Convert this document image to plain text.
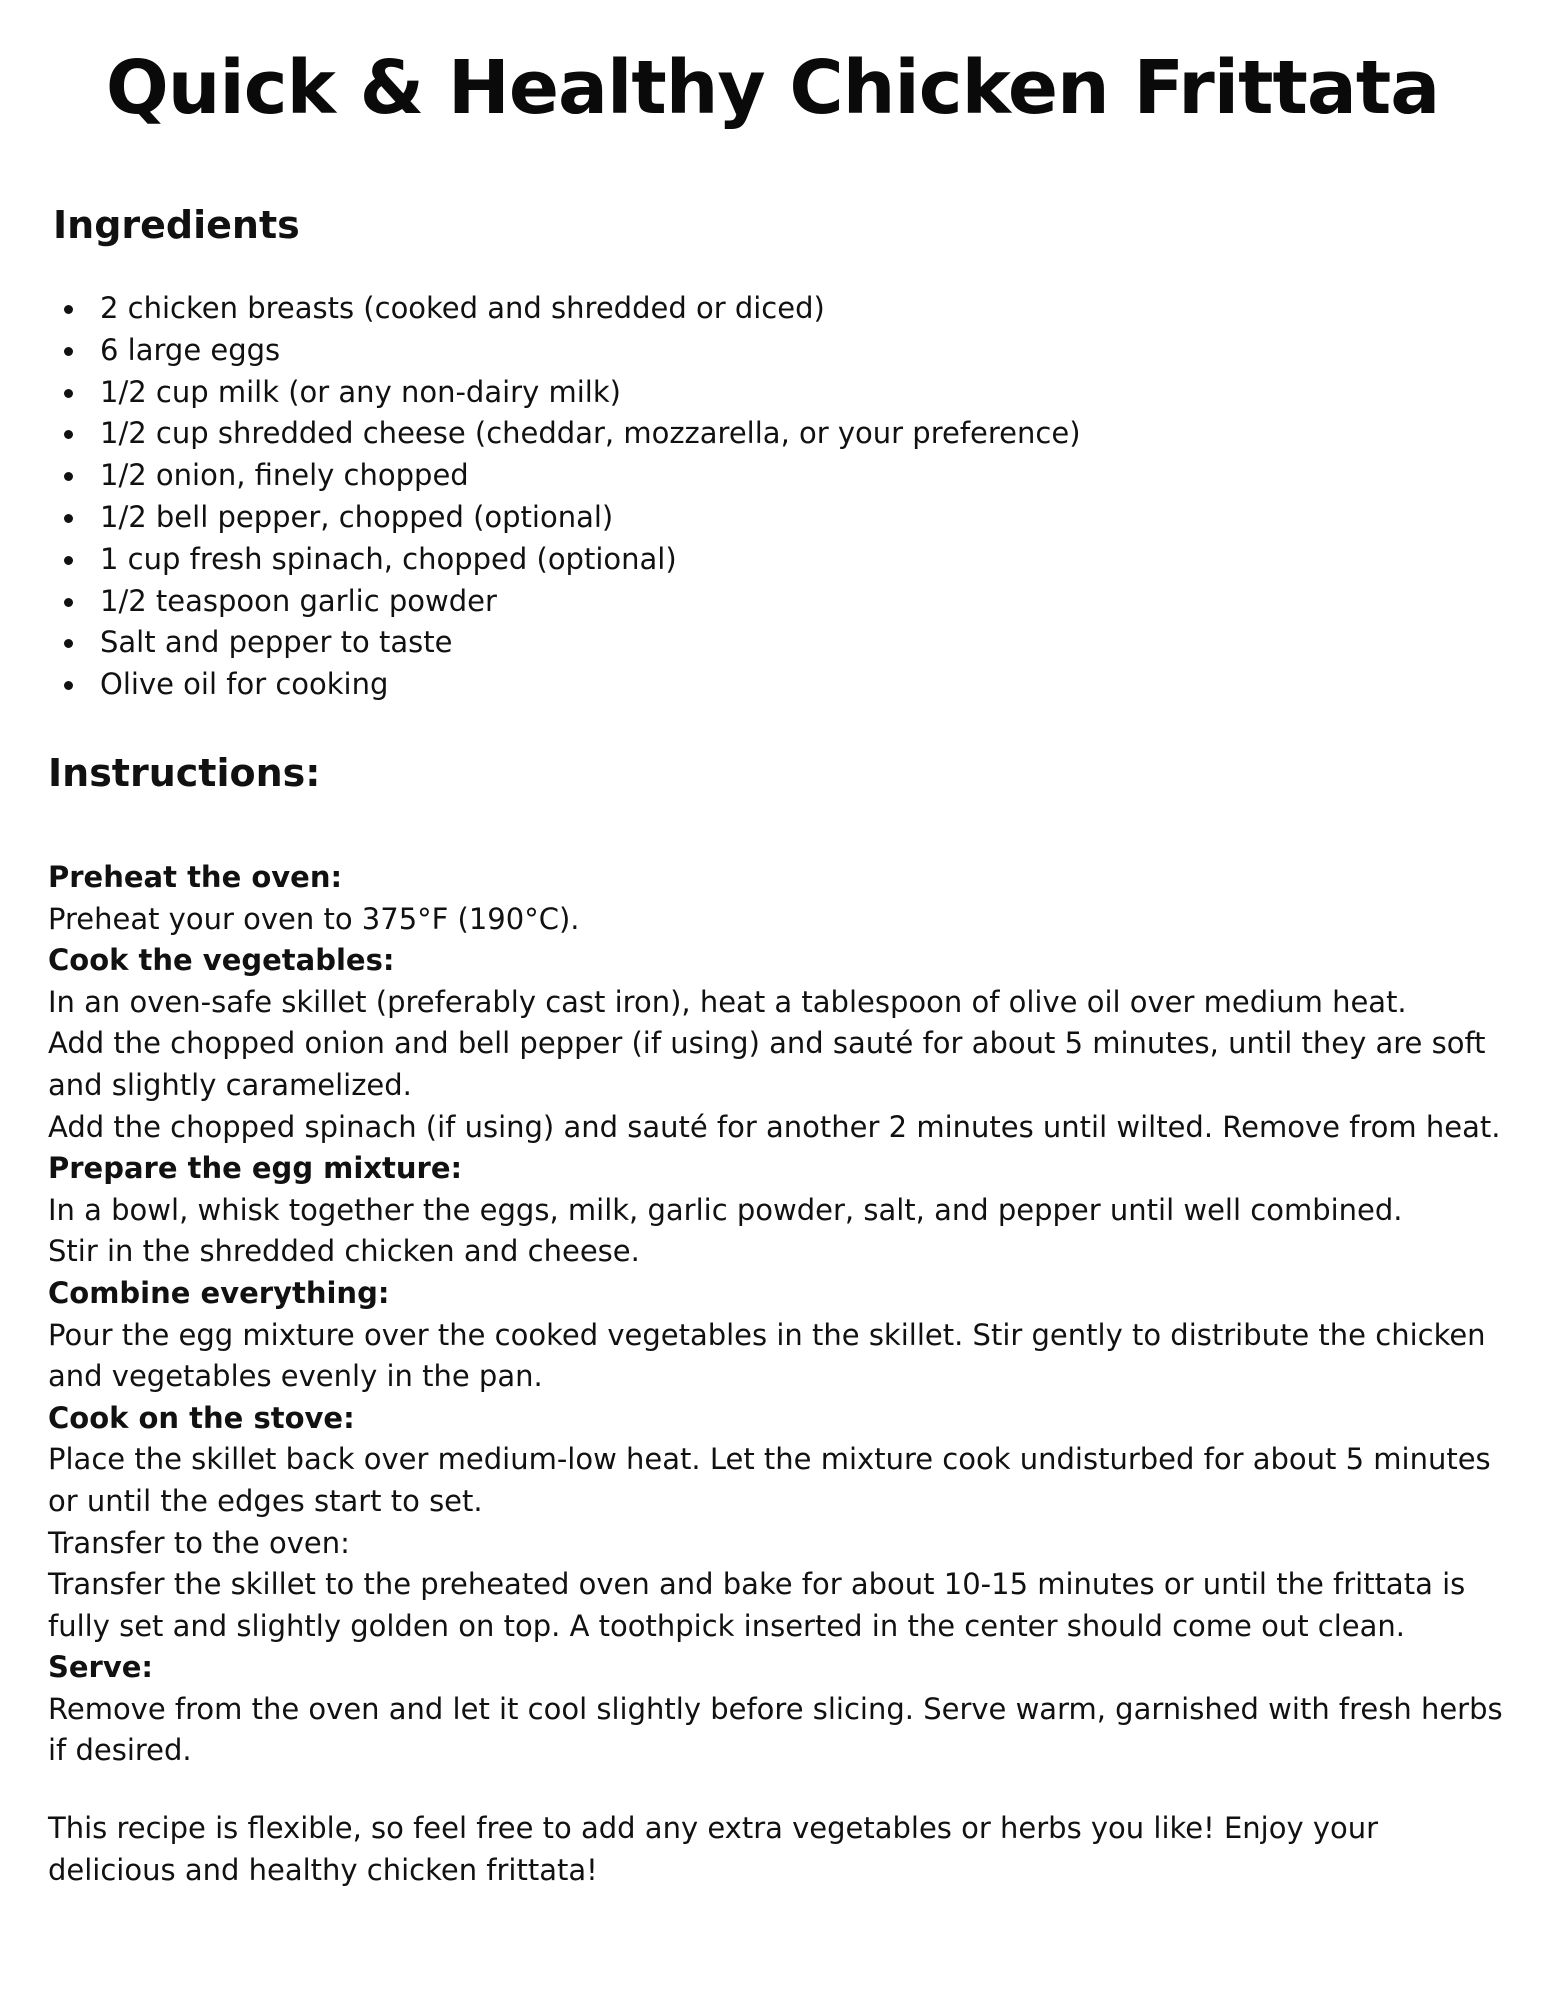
Quick & Healthy Chicken Frittata
Ingredients
2 chicken breasts (cooked and shredded or diced)
6 large eggs
1/2 cup milk (or any non-dairy milk)
1/2 cup shredded cheese (cheddar, mozzarella, or your preference)
1/2 onion, finely chopped
1/2 bell pepper, chopped (optional)
1 cup fresh spinach, chopped (optional)
1/2 teaspoon garlic powder
Salt and pepper to taste
Olive oil for cooking
Instructions:
Preheat the oven:
Preheat your oven to 375°F (190°C).
Cook the vegetables:
In an oven-safe skillet (preferably cast iron), heat a tablespoon of olive oil over medium heat.
Add the chopped onion and bell pepper (if using) and sauté for about 5 minutes, until they are soft and slightly caramelized.
Add the chopped spinach (if using) and sauté for another 2 minutes until wilted. Remove from heat.
Prepare the egg mixture:
In a bowl, whisk together the eggs, milk, garlic powder, salt, and pepper until well combined.
Stir in the shredded chicken and cheese.
Combine everything:
Pour the egg mixture over the cooked vegetables in the skillet. Stir gently to distribute the chicken and vegetables evenly in the pan.
Cook on the stove:
Place the skillet back over medium-low heat. Let the mixture cook undisturbed for about 5 minutes or until the edges start to set.
Transfer to the oven:
Transfer the skillet to the preheated oven and bake for about 10-15 minutes or until the frittata is fully set and slightly golden on top. A toothpick inserted in the center should come out clean.
Serve:
Remove from the oven and let it cool slightly before slicing. Serve warm, garnished with fresh herbs if desired.
This recipe is flexible, so feel free to add any extra vegetables or herbs you like! Enjoy your delicious and healthy chicken frittata!
